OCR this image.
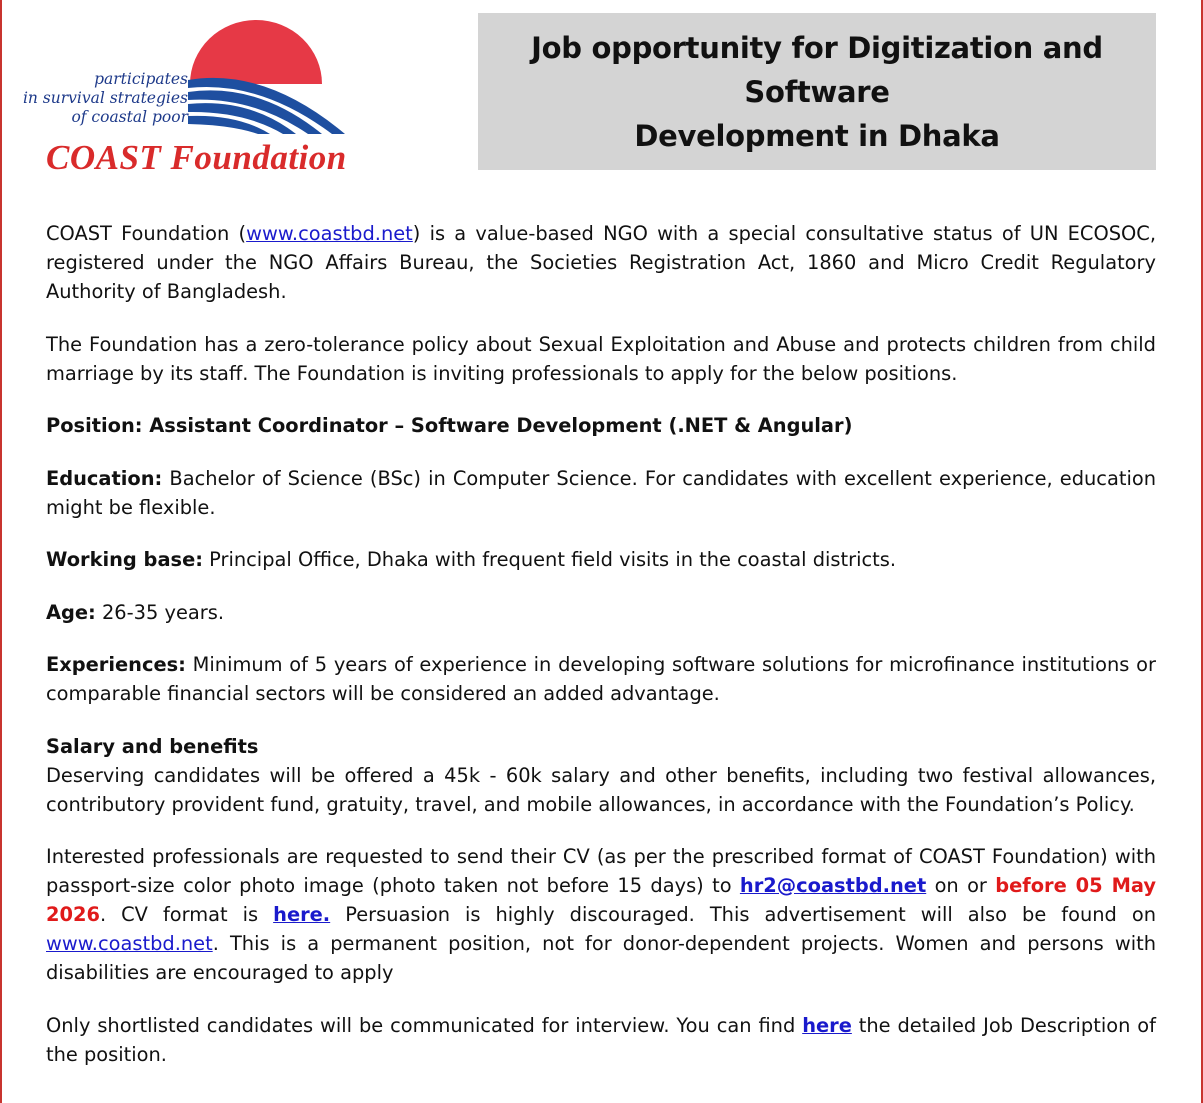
participates
in survival strategies
of coastal poor
COAST Foundation
Job opportunity for Digitization and Software
Development in Dhaka

COAST Foundation (www.coastbd.net) is a value-based NGO with a special consultative status of UN ECOSOC, registered under the NGO Affairs Bureau, the Societies Registration Act, 1860 and Micro Credit Regulatory Authority of Bangladesh.

The Foundation has a zero-tolerance policy about Sexual Exploitation and Abuse and protects children from child marriage by its staff. The Foundation is inviting professionals to apply for the below positions.

Position: Assistant Coordinator – Software Development (.NET & Angular)

Education: Bachelor of Science (BSc) in Computer Science. For candidates with excellent experience, education might be flexible.

Working base: Principal Office, Dhaka with frequent field visits in the coastal districts.

Age: 26-35 years.

Experiences: Minimum of 5 years of experience in developing software solutions for microfinance institutions or comparable financial sectors will be considered an added advantage.

Salary and benefits

Deserving candidates will be offered a 45k - 60k salary and other benefits, including two festival allowances, contributory provident fund, gratuity, travel, and mobile allowances, in accordance with the Foundation’s Policy.

Interested professionals are requested to send their CV (as per the prescribed format of COAST Foundation) with passport-size color photo image (photo taken not before 15 days) to hr2@coastbd.net on or before 05 May 2026. CV format is here. Persuasion is highly discouraged. This advertisement will also be found on www.coastbd.net. This is a permanent position, not for donor-dependent projects. Women and persons with disabilities are encouraged to apply

Only shortlisted candidates will be communicated for interview. You can find here the detailed Job Description of the position.
